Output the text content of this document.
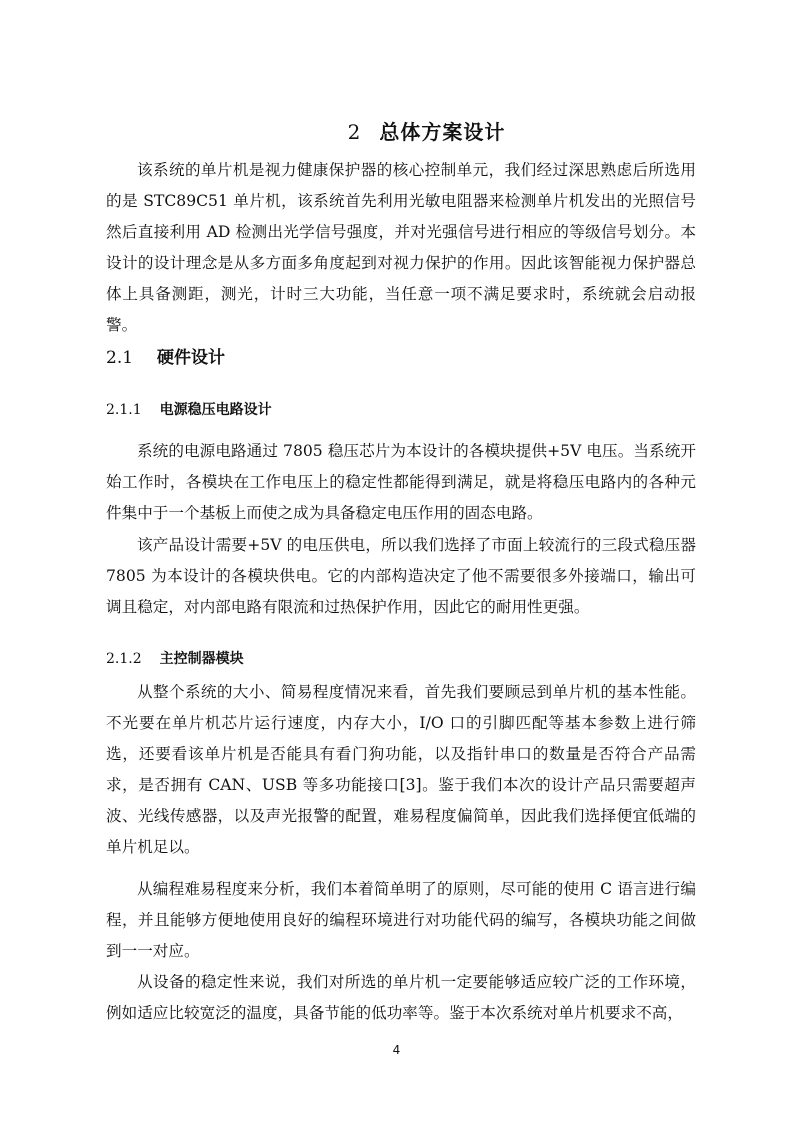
2 总体方案设计

该系统的单片机是视力健康保护器的核心控制单元，我们经过深思熟虑后所选用的是 STC89C51 单片机，该系统首先利用光敏电阻器来检测单片机发出的光照信号然后直接利用 AD 检测出光学信号强度，并对光强信号进行相应的等级信号划分。本设计的设计理念是从多方面多角度起到对视力保护的作用。因此该智能视力保护器总体上具备测距，测光，计时三大功能，当任意一项不满足要求时，系统就会启动报警。

2.1 硬件设计
2.1.1 电源稳压电路设计

系统的电源电路通过 7805 稳压芯片为本设计的各模块提供+5V 电压。当系统开始工作时，各模块在工作电压上的稳定性都能得到满足，就是将稳压电路内的各种元件集中于一个基板上而使之成为具备稳定电压作用的固态电路。

该产品设计需要+5V 的电压供电，所以我们选择了市面上较流行的三段式稳压器 7805 为本设计的各模块供电。它的内部构造决定了他不需要很多外接端口，输出可调且稳定，对内部电路有限流和过热保护作用，因此它的耐用性更强。

2.1.2 主控制器模块

从整个系统的大小、简易程度情况来看，首先我们要顾忌到单片机的基本性能。不光要在单片机芯片运行速度，内存大小，I/O 口的引脚匹配等基本参数上进行筛选，还要看该单片机是否能具有看门狗功能，以及指针串口的数量是否符合产品需求，是否拥有 CAN、USB 等多功能接口[3]。鉴于我们本次的设计产品只需要超声波、光线传感器，以及声光报警的配置，难易程度偏简单，因此我们选择便宜低端的单片机足以。

从编程难易程度来分析，我们本着简单明了的原则，尽可能的使用 C 语言进行编程，并且能够方便地使用良好的编程环境进行对功能代码的编写，各模块功能之间做到一一对应。

从设备的稳定性来说，我们对所选的单片机一定要能够适应较广泛的工作环境，例如适应比较宽泛的温度，具备节能的低功率等。鉴于本次系统对单片机要求不高，

4
